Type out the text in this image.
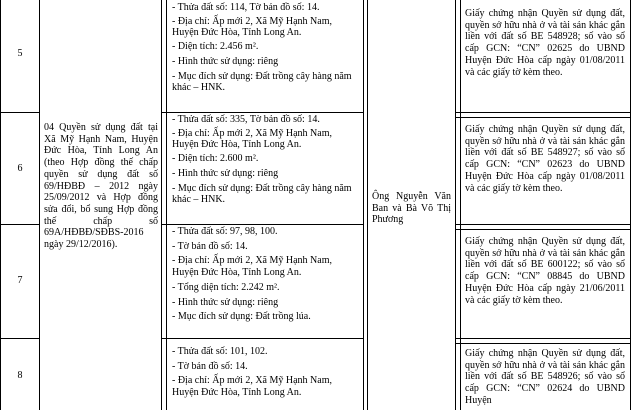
5

- Thửa đất số: 114, Tờ bản đồ số: 14.

- Địa chỉ: Ấp mới 2, Xã Mỹ Hạnh Nam, Huyện Đức Hòa, Tỉnh Long An.

- Diện tích: 2.456 m².

- Hình thức sử dụng: riêng

- Mục đích sử dụng: Đất trồng cây hàng năm khác – HNK.

Giấy chứng nhận Quyền sử dụng đất, quyền sở hữu nhà ở và tài sản khác gắn liền với đất số BE 548928; số vào sổ cấp GCN: “CN” 02625 do UBND Huyện Đức Hòa cấp ngày 01/08/2011 và các giấy tờ kèm theo.
6

- Thửa đất số: 335, Tờ bản đồ số: 14.

- Địa chỉ: Ấp mới 2, Xã Mỹ Hạnh Nam, Huyện Đức Hòa, Tỉnh Long An.

- Diện tích: 2.600 m².

- Hình thức sử dụng: riêng

- Mục đích sử dụng: Đất trồng cây hàng năm khác – HNK.

Giấy chứng nhận Quyền sử dụng đất, quyền sở hữu nhà ở và tài sản khác gắn liền với đất số BE 548927; số vào sổ cấp GCN: “CN” 02623 do UBND Huyện Đức Hòa cấp ngày 01/08/2011 và các giấy tờ kèm theo.
7

- Thửa đất số: 97, 98, 100.

- Tờ bản đồ số: 14.

- Địa chỉ: Ấp mới 2, Xã Mỹ Hạnh Nam, Huyện Đức Hòa, Tỉnh Long An.

- Tổng diện tích: 2.242 m².

- Hình thức sử dụng: riêng

- Mục đích sử dụng: Đất trồng lúa.

Giấy chứng nhận Quyền sử dụng đất, quyền sở hữu nhà ở và tài sản khác gắn liền với đất số BE 600122; số vào sổ cấp GCN: “CN” 08845 do UBND Huyện Đức Hòa cấp ngày 21/06/2011 và các giấy tờ kèm theo.
8

- Thửa đất số: 101, 102.

- Tờ bản đồ số: 14.

- Địa chỉ: Ấp mới 2, Xã Mỹ Hạnh Nam, Huyện Đức Hòa, Tỉnh Long An.

Giấy chứng nhận Quyền sử dụng đất, quyền sở hữu nhà ở và tài sản khác gắn liền với đất số BE 548926; số vào sổ cấp GCN: “CN” 02624 do UBND Huyện
04 Quyền sử dụng đất tại Xã Mỹ Hạnh Nam, Huyện Đức Hòa, Tỉnh Long An (theo Hợp đồng thế chấp quyền sử dụng đất số 69/HĐBĐ – 2012 ngày 25/09/2012 và Hợp đồng sửa đổi, bổ sung Hợp đồng thế chấp số 69A/HĐBĐ/SĐBS-2016 ngày 29/12/2016).
Ông Nguyễn Văn Ban và Bà Võ Thị Phương
